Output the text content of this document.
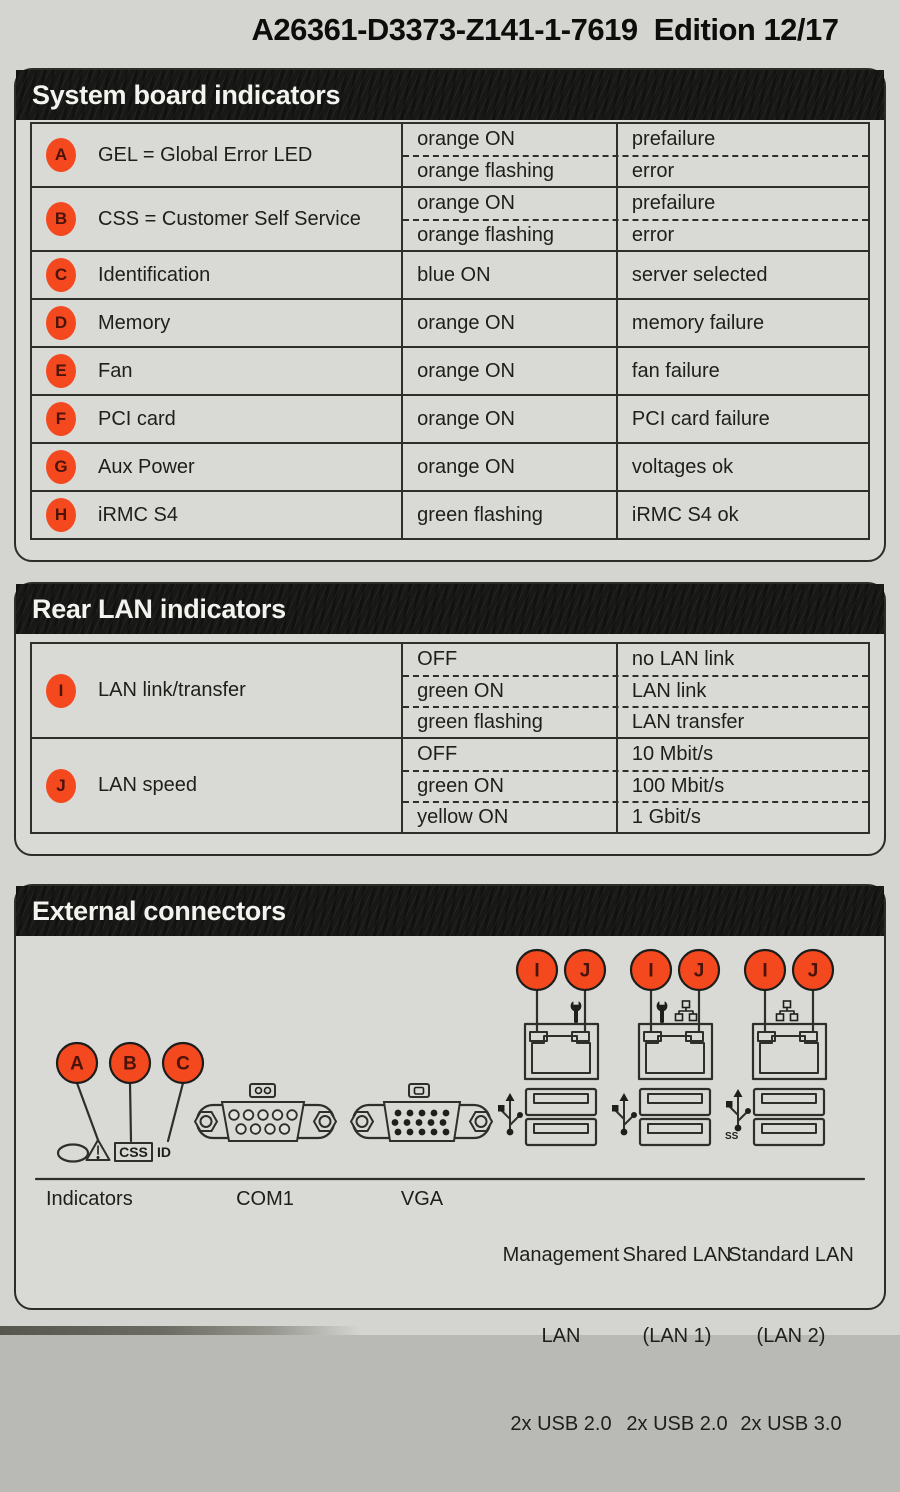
A26361-D3373-Z141-1-7619  Edition 12/17
System board indicators
A	GEL = Global Error LED
orange ON	prefailure
orange flashing	error
B	CSS = Customer Self Service
orange ON	prefailure
orange flashing	error
C	Identification	blue ON	server selected
D	Memory	orange ON	memory failure
E	Fan	orange ON	fan failure
F	PCI card	orange ON	PCI card failure
G	Aux Power	orange ON	voltages ok
H	iRMC S4	green flashing	iRMC S4 ok
Rear LAN indicators
I	LAN link/transfer
OFF	no LAN link
green ON	LAN link
green flashing	LAN transfer
J	LAN speed
OFF	10 Mbit/s
green ON	100 Mbit/s
yellow ON	1 Gbit/s
External connectors
A B C
CSS ID
I J	I J	I J
SS
Indicators	COM1	VGA

Management

LAN

2x USB 2.0

Shared LAN

(LAN 1)

2x USB 2.0

Standard LAN

(LAN 2)

2x USB 3.0
